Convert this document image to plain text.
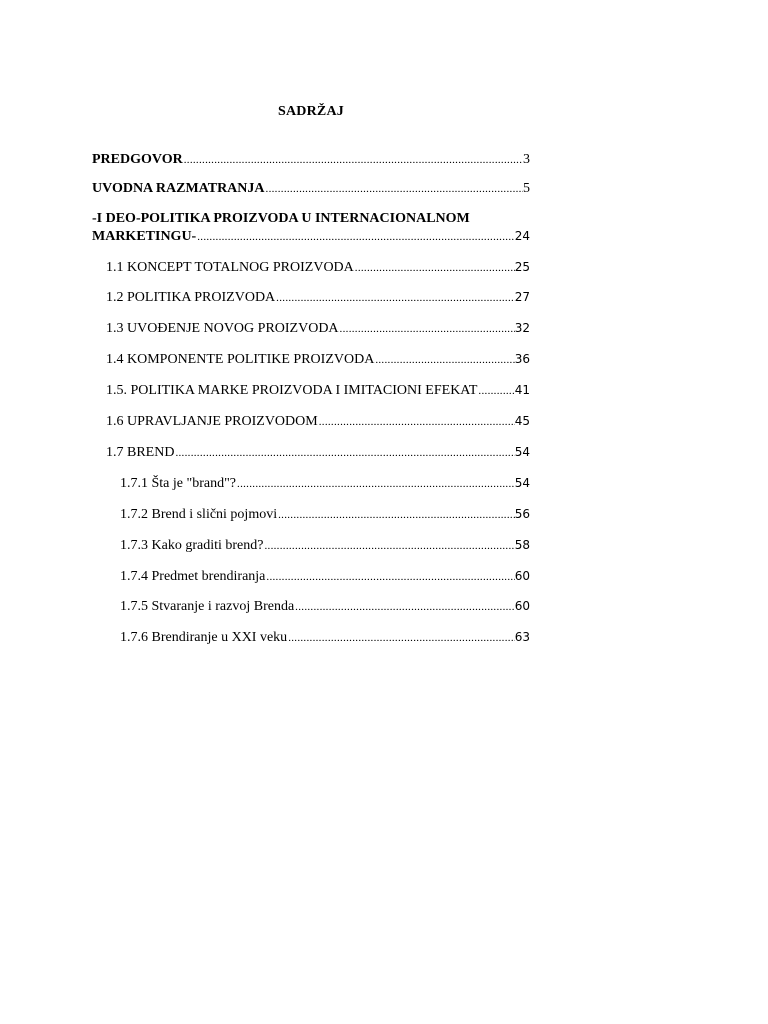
SADRŽAJ
PREDGOVOR .....	3
UVODNA RAZMATRANJA .....	5
-I DEO-POLITIKA PROIZVODA U INTERNACIONALNOM
MARKETINGU- .....	24
1.1 KONCEPT TOTALNOG PROIZVODA .....	25
1.2 POLITIKA PROIZVODA .....	27
1.3 UVOĐENJE NOVOG PROIZVODA .....	32
1.4 KOMPONENTE POLITIKE PROIZVODA .....	36
1.5. POLITIKA MARKE PROIZVODA I IMITACIONI EFEKAT .....	41
1.6 UPRAVLJANJE PROIZVODOM .....	45
1.7 BREND .....	54
1.7.1 Šta je "brand"? .....	54
1.7.2 Brend i slični pojmovi .....	56
1.7.3 Kako graditi brend? .....	58
1.7.4 Predmet brendiranja .....	60
1.7.5 Stvaranje i razvoj Brenda .....	60
1.7.6 Brendiranje u XXI veku .....	63
